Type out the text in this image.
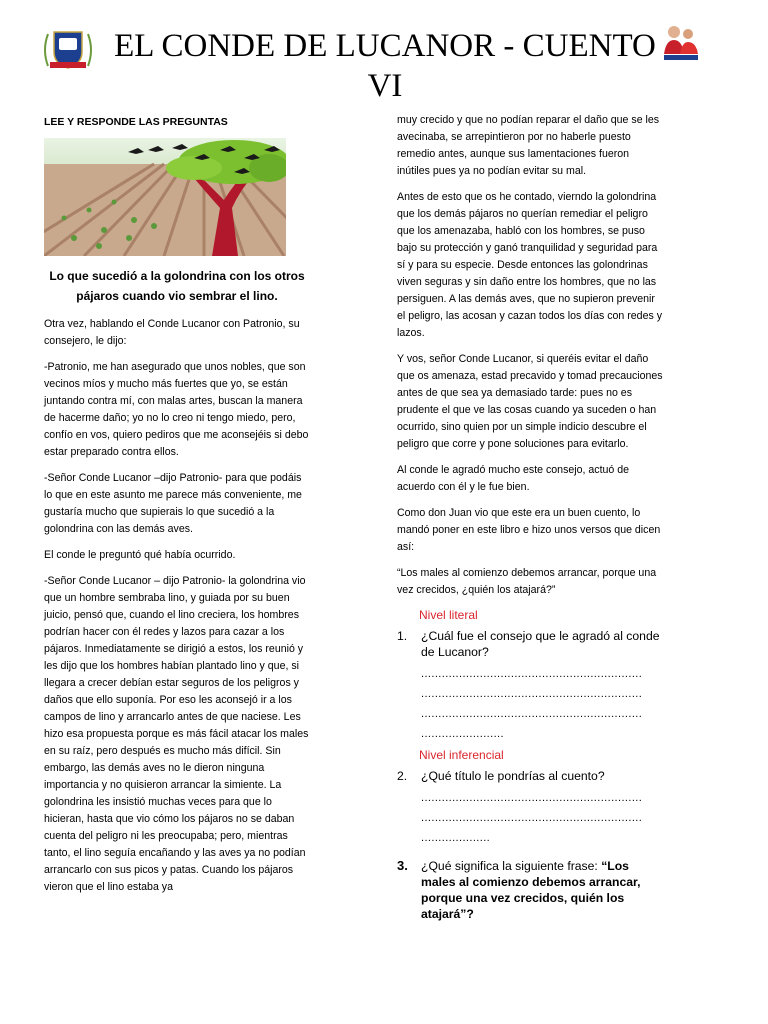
EL CONDE DE LUCANOR - CUENTO VI
LEE Y RESPONDE LAS PREGUNTAS
Lo que sucedió a la golondrina con los otros pájaros cuando vio sembrar el lino.

Otra vez, hablando el Conde Lucanor con Patronio, su consejero, le dijo:

-Patronio, me han asegurado que unos nobles, que son vecinos míos y mucho más fuertes que yo, se están juntando contra mí, con malas artes, buscan la manera de hacerme daño; yo no lo creo ni tengo miedo, pero, confío en vos, quiero pediros que me aconsejéis si debo estar preparado contra ellos.

-Señor Conde Lucanor –dijo Patronio- para que podáis lo que en este asunto me parece más conveniente, me gustaría mucho que supierais lo que sucedió a la golondrina con las demás aves.

El conde le preguntó qué había ocurrido.

-Señor Conde Lucanor – dijo Patronio- la golondrina vio que un hombre sembraba lino, y guiada por su buen juicio, pensó que, cuando el lino creciera, los hombres podrían hacer con él redes y lazos para cazar a los pájaros. Inmediatamente se dirigió a estos, los reunió y les dijo que los hombres habían plantado lino y que, si llegara a crecer debían estar seguros de los peligros y daños que ello suponía. Por eso les aconsejó ir a los campos de lino y arrancarlo antes de que naciese. Les hizo esa propuesta porque es más fácil atacar los males en su raíz, pero después es mucho más difícil. Sin embargo, las demás aves no le dieron ninguna importancia y no quisieron arrancar la simiente. La golondrina les insistió muchas veces para que lo hicieran, hasta que vio cómo los pájaros no se daban cuenta del peligro ni les preocupaba; pero, mientras tanto, el lino seguía encañando y las aves ya no podían arrancarlo con sus picos y patas. Cuando los pájaros vieron que el lino estaba ya

muy crecido y que no podían reparar el daño que se les avecinaba, se arrepintieron por no haberle puesto remedio antes, aunque sus lamentaciones fueron inútiles pues ya no podían evitar su mal.

Antes de esto que os he contado, vierndo la golondrina que los demás pájaros no querían remediar el peligro que los amenazaba, habló con los hombres, se puso bajo su protección y ganó tranquilidad y seguridad para sí y para su especie. Desde entonces las golondrinas viven seguras y sin daño entre los hombres, que no las persiguen. A las demás aves, que no supieron prevenir el peligro, las acosan y cazan todos los días con redes y lazos.

Y vos, señor Conde Lucanor, si queréis evitar el daño que os amenaza, estad precavido y tomad precauciones antes de que sea ya demasiado tarde: pues no es prudente el que ve las cosas cuando ya suceden o han ocurrido, sino quien por un simple indicio descubre el peligro que corre y pone soluciones para evitarlo.

Al conde le agradó mucho este consejo, actuó de acuerdo con él y le fue bien.

Como don Juan vio que este era un buen cuento, lo mandó poner en este libro e hizo unos versos que dicen así:

“Los males al comienzo debemos arrancar, porque una vez crecidos, ¿quién los atajará?”

Nivel literal
1.	¿Cuál fue el consejo que le agradó al conde de Lucanor?
................................................................
................................................................
................................................................
........................
Nivel inferencial
2.	¿Qué título le pondrías al cuento?
................................................................
................................................................
....................
3.	¿Qué significa la siguiente frase: “Los males al comienzo debemos arrancar, porque una vez crecidos, quién los atajará”?
